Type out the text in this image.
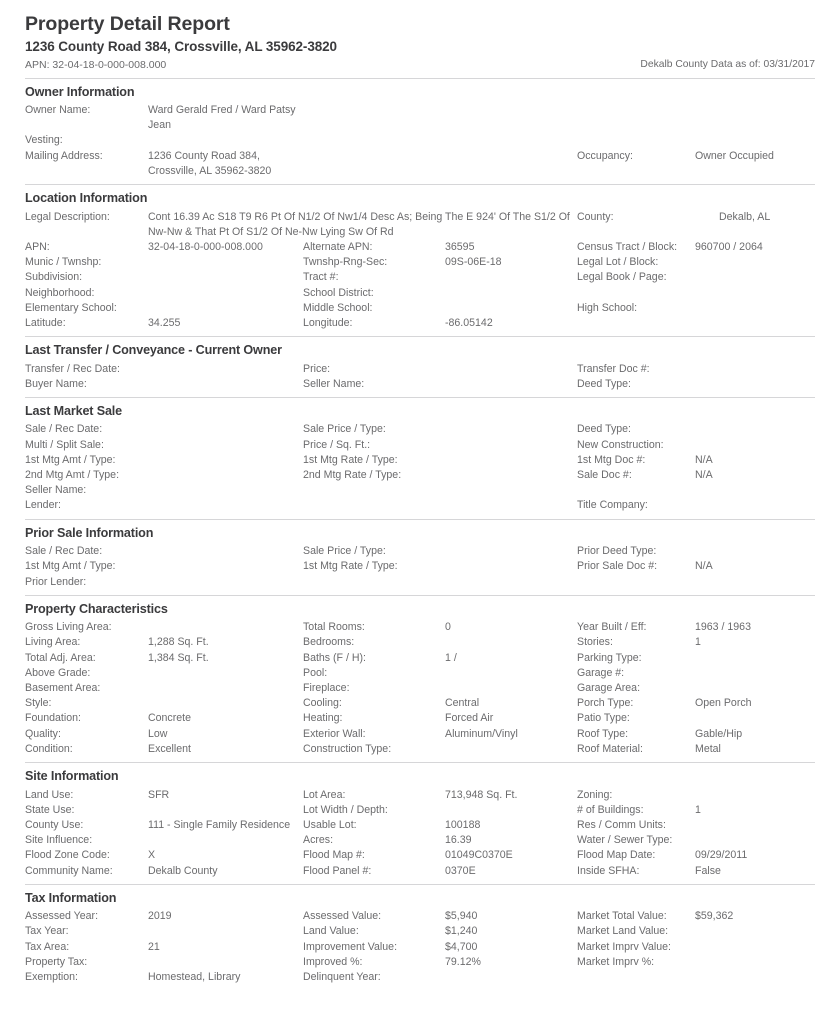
Property Detail Report
1236 County Road 384, Crossville, AL 35962-3820

APN: 32-04-18-0-000-008.000	Dekalb County Data as of: 03/31/2017
Owner Information
Owner Name:	Ward Gerald Fred / Ward Patsy Jean
Vesting:
Mailing Address:	1236 County Road 384, Crossville, AL 35962-3820
Occupancy:	Owner Occupied
Location Information
Legal Description:	Cont 16.39 Ac S18 T9 R6 Pt Of N1/2 Of Nw1/4 Desc As; Being The E 924' Of The S1/2 Of Nw-Nw & That Pt Of S1/2 Of Ne-Nw Lying Sw Of Rd
County:	Dekalb, AL
APN:	32-04-18-0-000-008.000	Alternate APN:	36595	Census Tract / Block:	960700 / 2064
Munic / Twnshp:	Twnshp-Rng-Sec:	09S-06E-18	Legal Lot / Block:
Subdivision:	Tract #:	Legal Book / Page:
Neighborhood:	School District:
Elementary School:	Middle School:	High School:
Latitude:	34.255	Longitude:	-86.05142
Last Transfer / Conveyance - Current Owner
Transfer / Rec Date:	Price:	Transfer Doc #:
Buyer Name:	Seller Name:	Deed Type:
Last Market Sale
Sale / Rec Date:	Sale Price / Type:	Deed Type:
Multi / Split Sale:	Price / Sq. Ft.:	New Construction:
1st Mtg Amt / Type:	1st Mtg Rate / Type:	1st Mtg Doc #:	N/A
2nd Mtg Amt / Type:	2nd Mtg Rate / Type:	Sale Doc #:	N/A
Seller Name:
Lender:	Title Company:
Prior Sale Information
Sale / Rec Date:	Sale Price / Type:	Prior Deed Type:
1st Mtg Amt / Type:	1st Mtg Rate / Type:	Prior Sale Doc #:	N/A
Prior Lender:
Property Characteristics
Gross Living Area:	Total Rooms:	0	Year Built / Eff:	1963 / 1963
Living Area:	1,288 Sq. Ft.	Bedrooms:	Stories:	1
Total Adj. Area:	1,384 Sq. Ft.	Baths (F / H):	1 /	Parking Type:
Above Grade:	Pool:	Garage #:
Basement Area:	Fireplace:	Garage Area:
Style:	Cooling:	Central	Porch Type:	Open Porch
Foundation:	Concrete	Heating:	Forced Air	Patio Type:
Quality:	Low	Exterior Wall:	Aluminum/Vinyl	Roof Type:	Gable/Hip
Condition:	Excellent	Construction Type:	Roof Material:	Metal
Site Information
Land Use:	SFR	Lot Area:	713,948 Sq. Ft.	Zoning:
State Use:	Lot Width / Depth:	# of Buildings:	1
County Use:	111 - Single Family Residence Usable Lot:	100188	Res / Comm Units:
Site Influence:	Acres:	16.39	Water / Sewer Type:
Flood Zone Code:	X	Flood Map #:	01049C0370E	Flood Map Date:	09/29/2011
Community Name:	Dekalb County	Flood Panel #:	0370E	Inside SFHA:	False
Tax Information
Assessed Year:	2019	Assessed Value:	$5,940	Market Total Value:	$59,362
Tax Year:	Land Value:	$1,240	Market Land Value:
Tax Area:	21	Improvement Value:	$4,700	Market Imprv Value:
Property Tax:	Improved %:	79.12%	Market Imprv %:
Exemption:	Homestead, Library	Delinquent Year:
